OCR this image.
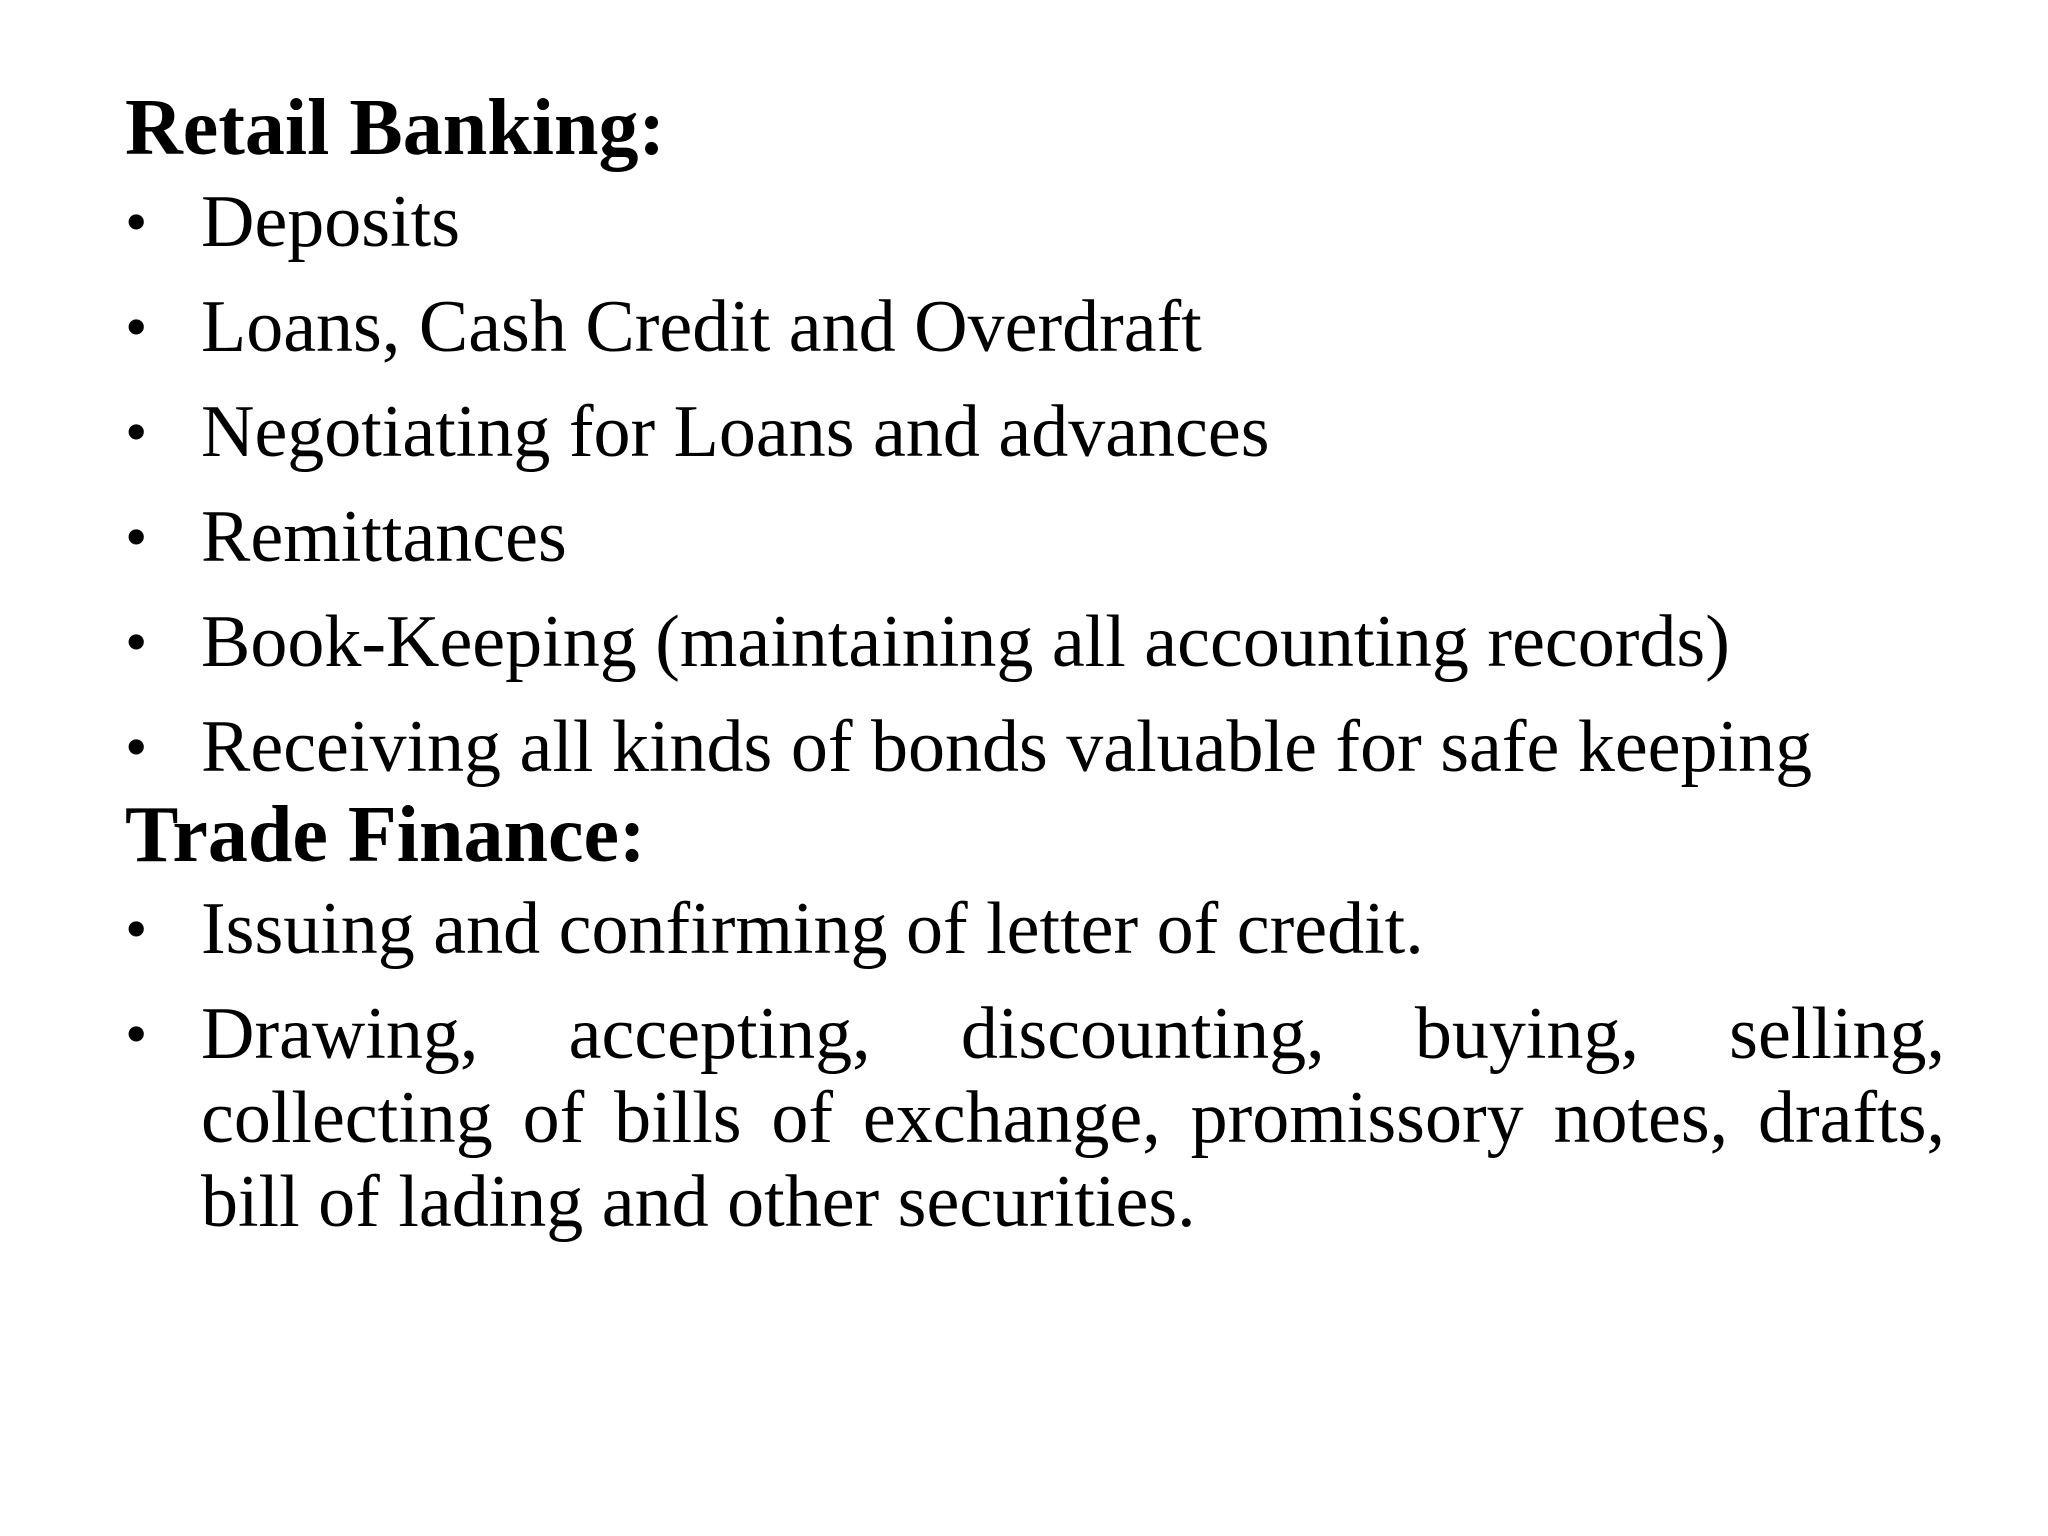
Retail Banking:
• Deposits
• Loans, Cash Credit and Overdraft
• Negotiating for Loans and advances
• Remittances
• Book-Keeping (maintaining all accounting records)
• Receiving all kinds of bonds valuable for safe keeping
Trade Finance:
• Issuing and confirming of letter of credit.
• Drawing, accepting, discounting, buying, selling, collecting of bills of exchange, promissory notes, drafts, bill of lading and other securities.
